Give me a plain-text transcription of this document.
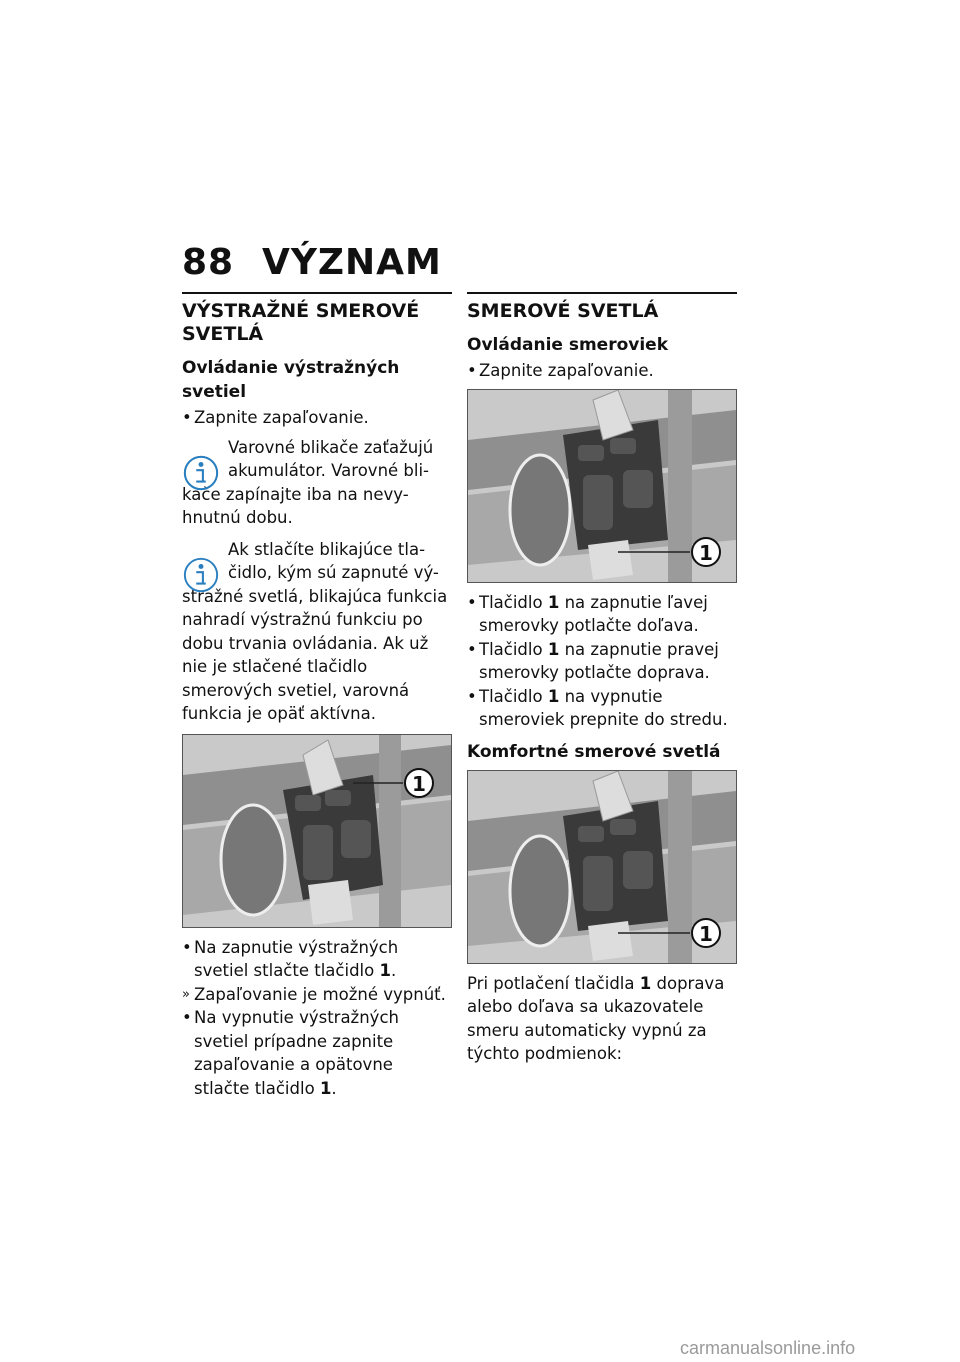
88 VÝZNAM
VÝSTRAŽNÉ SMEROVÉ SVETLÁ
Ovládanie výstražných svetiel
• Zapnite zapaľovanie.

Varovné blikače zaťažujú

akumulátor. Varovné bli-

kače zapínajte iba na nevy-hnutnú dobu.

Ak stlačíte blikajúce tla-

čidlo, kým sú zapnuté vý-

stražné svetlá, blikajúca funkcia nahradí výstražnú funkciu po dobu trvania ovládania. Ak už nie je stlačené tlačidlo smerových svetiel, varovná funkcia je opäť aktívna.

1
• Na zapnutie výstražných svetiel stlačte tlačidlo 1.
» Zapaľovanie je možné vypnúť.
• Na vypnutie výstražných svetiel prípadne zapnite zapaľovanie a opätovne stlačte tlačidlo 1.
SMEROVÉ SVETLÁ
Ovládanie smeroviek
• Zapnite zapaľovanie.
1
• Tlačidlo 1 na zapnutie ľavej smerovky potlačte doľava.
• Tlačidlo 1 na zapnutie pravej smerovky potlačte doprava.
• Tlačidlo 1 na vypnutie smeroviek prepnite do stredu.
Komfortné smerové svetlá
1

Pri potlačení tlačidla 1 doprava alebo doľava sa ukazovatele smeru automaticky vypnú za týchto podmienok:

carmanualsonline.info
